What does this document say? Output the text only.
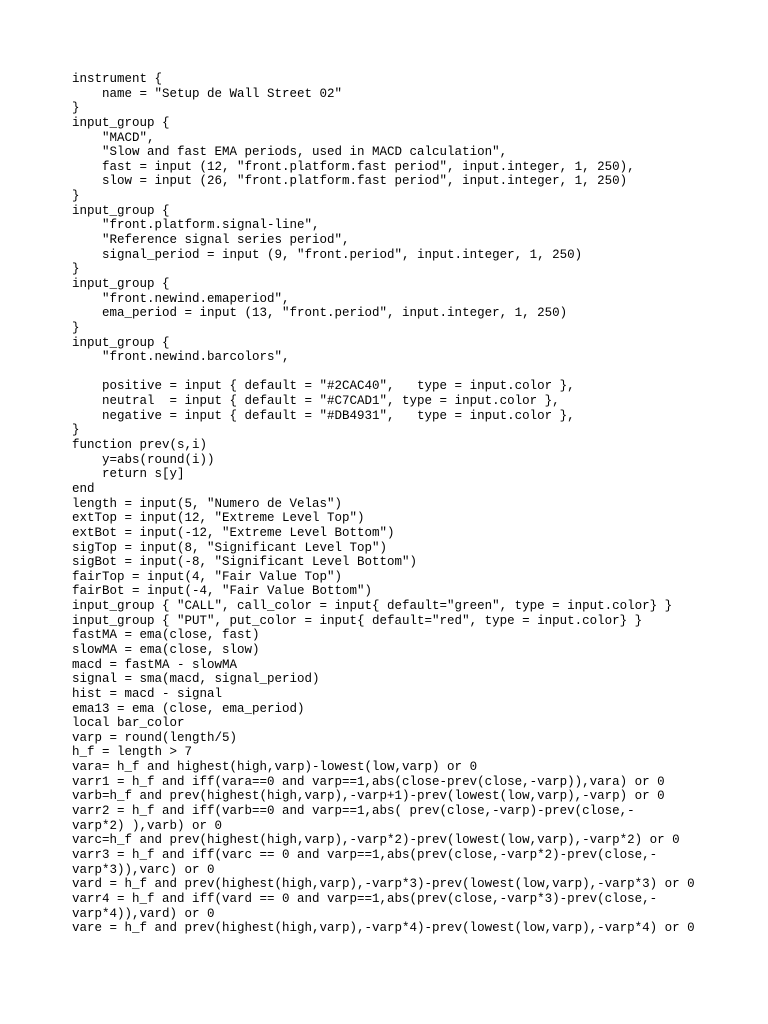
instrument {
name = "Setup de Wall Street 02"
}
input_group {
"MACD",
"Slow and fast EMA periods, used in MACD calculation",
fast = input (12, "front.platform.fast period", input.integer, 1, 250),
slow = input (26, "front.platform.fast period", input.integer, 1, 250)
}
input_group {
"front.platform.signal-line",
"Reference signal series period",
signal_period = input (9, "front.period", input.integer, 1, 250)
}
input_group {
"front.newind.emaperiod",
ema_period = input (13, "front.period", input.integer, 1, 250)
}
input_group {
"front.newind.barcolors",

positive = input { default = "#2CAC40",   type = input.color },
neutral  = input { default = "#C7CAD1", type = input.color },
negative = input { default = "#DB4931",   type = input.color },
}
function prev(s,i)
y=abs(round(i))
return s[y]
end
length = input(5, "Numero de Velas")
extTop = input(12, "Extreme Level Top")
extBot = input(-12, "Extreme Level Bottom")
sigTop = input(8, "Significant Level Top")
sigBot = input(-8, "Significant Level Bottom")
fairTop = input(4, "Fair Value Top")
fairBot = input(-4, "Fair Value Bottom")
input_group { "CALL", call_color = input{ default="green", type = input.color} }
input_group { "PUT", put_color = input{ default="red", type = input.color} }
fastMA = ema(close, fast)
slowMA = ema(close, slow)
macd = fastMA - slowMA
signal = sma(macd, signal_period)
hist = macd - signal
ema13 = ema (close, ema_period)
local bar_color
varp = round(length/5)
h_f = length > 7
vara= h_f and highest(high,varp)-lowest(low,varp) or 0
varr1 = h_f and iff(vara==0 and varp==1,abs(close-prev(close,-varp)),vara) or 0
varb=h_f and prev(highest(high,varp),-varp+1)-prev(lowest(low,varp),-varp) or 0
varr2 = h_f and iff(varb==0 and varp==1,abs( prev(close,-varp)-prev(close,-
varp*2) ),varb) or 0
varc=h_f and prev(highest(high,varp),-varp*2)-prev(lowest(low,varp),-varp*2) or 0
varr3 = h_f and iff(varc == 0 and varp==1,abs(prev(close,-varp*2)-prev(close,-
varp*3)),varc) or 0
vard = h_f and prev(highest(high,varp),-varp*3)-prev(lowest(low,varp),-varp*3) or 0
varr4 = h_f and iff(vard == 0 and varp==1,abs(prev(close,-varp*3)-prev(close,-
varp*4)),vard) or 0
vare = h_f and prev(highest(high,varp),-varp*4)-prev(lowest(low,varp),-varp*4) or 0
